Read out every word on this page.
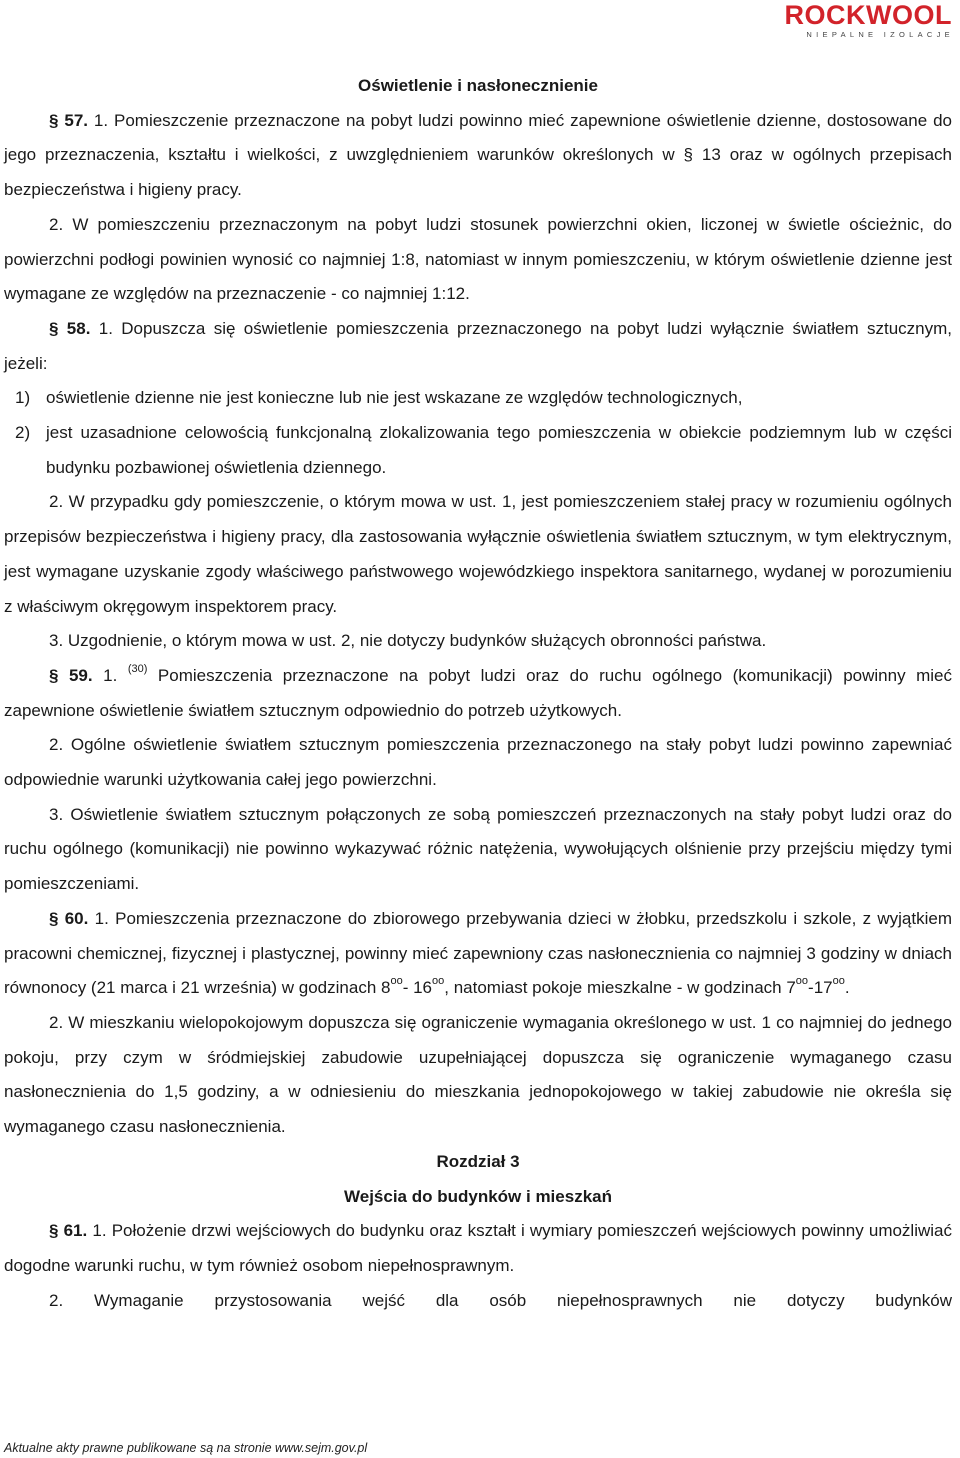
ROCKWOOL
NIEPALNE IZOLACJE

Oświetlenie i nasłonecznienie

§ 57. 1. Pomieszczenie przeznaczone na pobyt ludzi powinno mieć zapewnione oświetlenie dzienne, dostosowane do jego przeznaczenia, kształtu i wielkości, z uwzględnieniem warunków określonych w § 13 oraz w ogólnych przepisach bezpieczeństwa i higieny pracy.

2. W pomieszczeniu przeznaczonym na pobyt ludzi stosunek powierzchni okien, liczonej w świetle ościeżnic, do powierzchni podłogi powinien wynosić co najmniej 1:8, natomiast w innym pomieszczeniu, w którym oświetlenie dzienne jest wymagane ze względów na przeznaczenie - co najmniej 1:12.

§ 58. 1. Dopuszcza się oświetlenie pomieszczenia przeznaczonego na pobyt ludzi wyłącznie światłem sztucznym, jeżeli:

1) oświetlenie dzienne nie jest konieczne lub nie jest wskazane ze względów technologicznych,
2) jest uzasadnione celowością funkcjonalną zlokalizowania tego pomieszczenia w obiekcie podziemnym lub w części budynku pozbawionej oświetlenia dziennego.

2. W przypadku gdy pomieszczenie, o którym mowa w ust. 1, jest pomieszczeniem stałej pracy w rozumieniu ogólnych przepisów bezpieczeństwa i higieny pracy, dla zastosowania wyłącznie oświetlenia światłem sztucznym, w tym elektrycznym, jest wymagane uzyskanie zgody właściwego państwowego wojewódzkiego inspektora sanitarnego, wydanej w porozumieniu z właściwym okręgowym inspektorem pracy.

3. Uzgodnienie, o którym mowa w ust. 2, nie dotyczy budynków służących obronności państwa.

§ 59. 1. $^{(30)}$ Pomieszczenia przeznaczone na pobyt ludzi oraz do ruchu ogólnego (komunikacji) powinny mieć zapewnione oświetlenie światłem sztucznym odpowiednio do potrzeb użytkowych.

2. Ogólne oświetlenie światłem sztucznym pomieszczenia przeznaczonego na stały pobyt ludzi powinno zapewniać odpowiednie warunki użytkowania całej jego powierzchni.

3. Oświetlenie światłem sztucznym połączonych ze sobą pomieszczeń przeznaczonych na stały pobyt ludzi oraz do ruchu ogólnego (komunikacji) nie powinno wykazywać różnic natężenia, wywołujących olśnienie przy przejściu między tymi pomieszczeniami.

§ 60. 1. Pomieszczenia przeznaczone do zbiorowego przebywania dzieci w żłobku, przedszkolu i szkole, z wyjątkiem pracowni chemicznej, fizycznej i plastycznej, powinny mieć zapewniony czas nasłonecznienia co najmniej 3 godziny w dniach równonocy (21 marca i 21 września) w godzinach $8^{oo}-$ $16^{oo}$, natomiast pokoje mieszkalne - w godzinach $7^{oo}-17^{oo}$.

2. W mieszkaniu wielopokojowym dopuszcza się ograniczenie wymagania określonego w ust. 1 co najmniej do jednego pokoju, przy czym w śródmiejskiej zabudowie uzupełniającej dopuszcza się ograniczenie wymaganego czasu nasłonecznienia do 1,5 godziny, a w odniesieniu do mieszkania jednopokojowego w takiej zabudowie nie określa się wymaganego czasu nasłonecznienia.

Rozdział 3

Wejścia do budynków i mieszkań

§ 61. 1. Położenie drzwi wejściowych do budynku oraz kształt i wymiary pomieszczeń wejściowych powinny umożliwiać dogodne warunki ruchu, w tym również osobom niepełnosprawnym.

2. Wymaganie przystosowania wejść dla osób niepełnosprawnych nie dotyczy budynków

Aktualne akty prawne publikowane są na stronie www.sejm.gov.pl
